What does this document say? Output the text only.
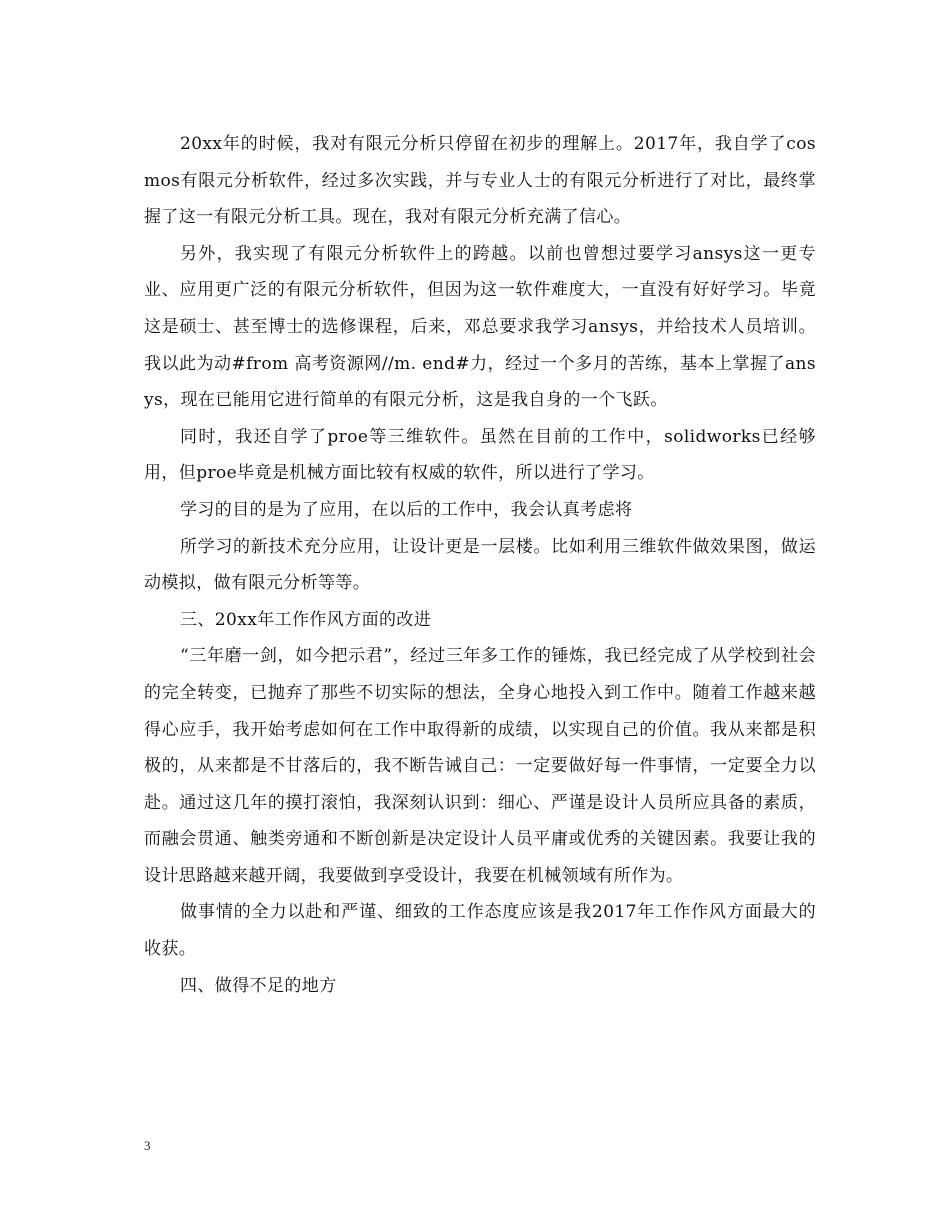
20xx年的时候，我对有限元分析只停留在初步的理解上。2017年，我自学了cosmos有限元分析软件，经过多次实践，并与专业人士的有限元分析进行了对比，最终掌握了这一有限元分析工具。现在，我对有限元分析充满了信心。

另外，我实现了有限元分析软件上的跨越。以前也曾想过要学习ansys这一更专业、应用更广泛的有限元分析软件，但因为这一软件难度大，一直没有好好学习。毕竟这是硕士、甚至博士的选修课程，后来，邓总要求我学习ansys，并给技术人员培训。我以此为动#from 高考资源网//m. end#力，经过一个多月的苦练，基本上掌握了ansys，现在已能用它进行简单的有限元分析，这是我自身的一个飞跃。

同时，我还自学了proe等三维软件。虽然在目前的工作中，solidworks已经够用，但proe毕竟是机械方面比较有权威的软件，所以进行了学习。

学习的目的是为了应用，在以后的工作中，我会认真考虑将

所学习的新技术充分应用，让设计更是一层楼。比如利用三维软件做效果图，做运动模拟，做有限元分析等等。

三、20xx年工作作风方面的改进

“三年磨一剑，如今把示君”，经过三年多工作的锤炼，我已经完成了从学校到社会的完全转变，已抛弃了那些不切实际的想法，全身心地投入到工作中。随着工作越来越得心应手，我开始考虑如何在工作中取得新的成绩，以实现自己的价值。我从来都是积极的，从来都是不甘落后的，我不断告诫自己：一定要做好每一件事情，一定要全力以赴。通过这几年的摸打滚怕，我深刻认识到：细心、严谨是设计人员所应具备的素质，而融会贯通、触类旁通和不断创新是决定设计人员平庸或优秀的关键因素。我要让我的设计思路越来越开阔，我要做到享受设计，我要在机械领域有所作为。

做事情的全力以赴和严谨、细致的工作态度应该是我2017年工作作风方面最大的收获。

四、做得不足的地方

3
